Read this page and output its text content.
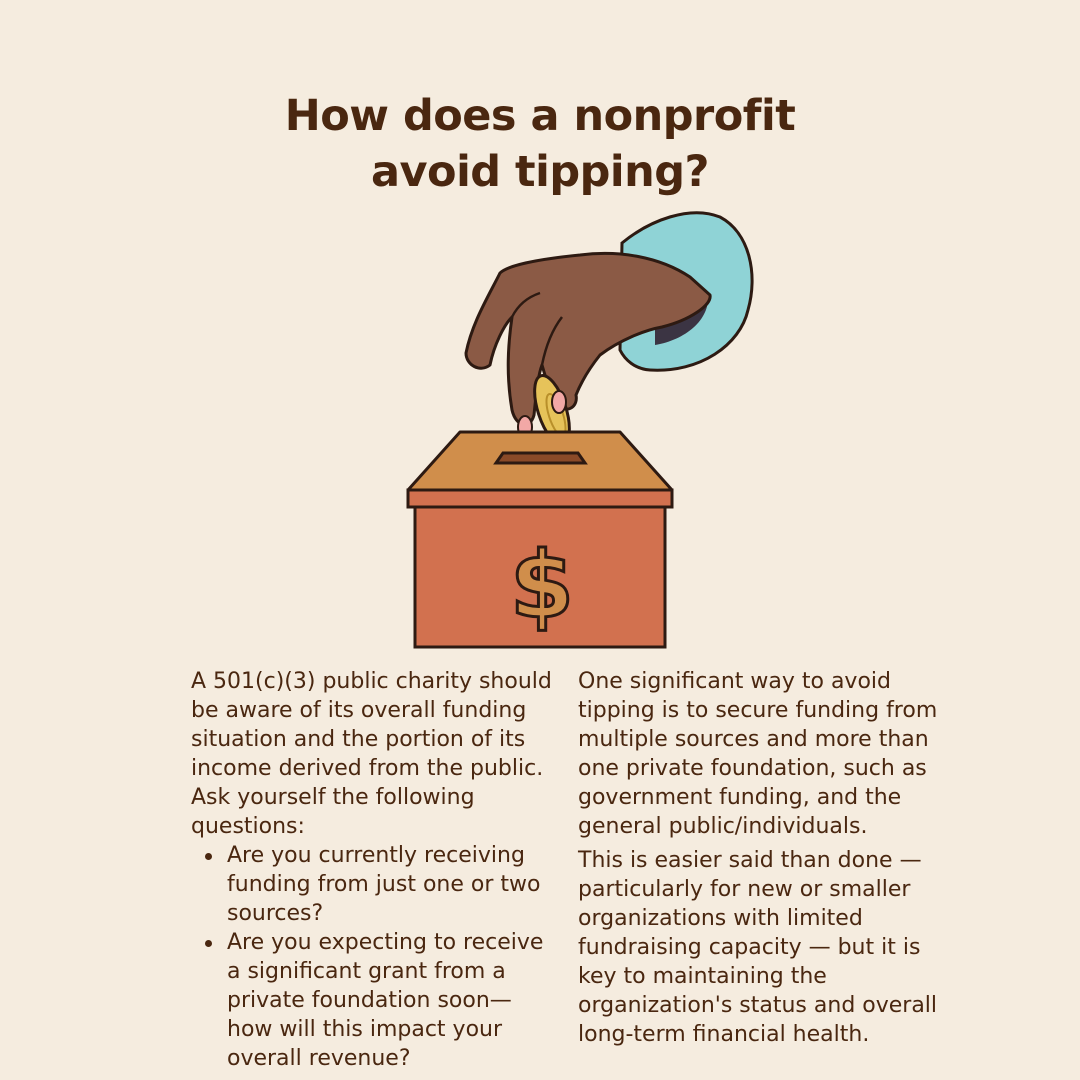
How does a nonprofit
avoid tipping?
$

A 501(c)(3) public charity should be aware of its overall funding situation and the portion of its income derived from the public. Ask yourself the following questions:

Are you currently receiving funding from just one or two sources?
Are you expecting to receive a significant grant from a private foundation soon—how will this impact your overall revenue?

One significant way to avoid tipping is to secure funding from multiple sources and more than one private foundation, such as government funding, and the general public/individuals.

This is easier said than done — particularly for new or smaller organizations with limited fundraising capacity — but it is key to maintaining the organization's status and overall long-term financial health.
